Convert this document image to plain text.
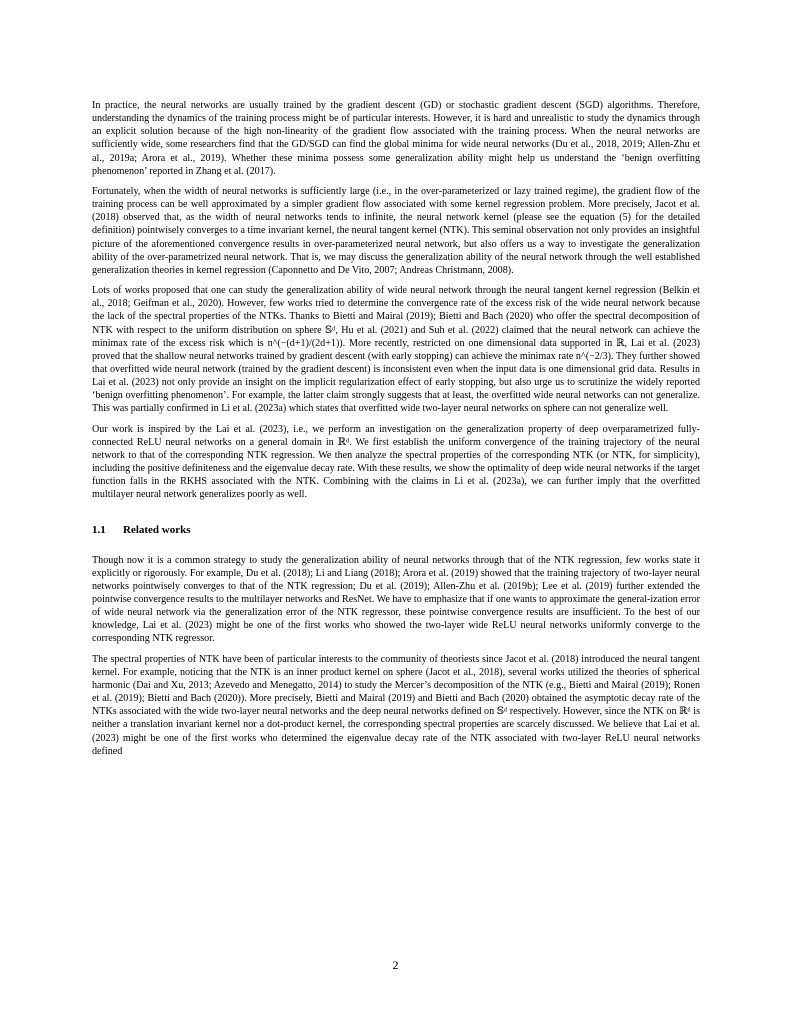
In practice, the neural networks are usually trained by the gradient descent (GD) or stochastic gradient descent (SGD) algorithms. Therefore, understanding the dynamics of the training process might be of particular interests. However, it is hard and unrealistic to study the dynamics through an explicit solution because of the high non-linearity of the gradient flow associated with the training process. When the neural networks are sufficiently wide, some researchers find that the GD/SGD can find the global minima for wide neural networks (Du et al., 2018, 2019; Allen-Zhu et al., 2019a; Arora et al., 2019). Whether these minima possess some generalization ability might help us understand the ‘benign overfitting phenomenon’ reported in Zhang et al. (2017).

Fortunately, when the width of neural networks is sufficiently large (i.e., in the over-parameterized or lazy trained regime), the gradient flow of the training process can be well approximated by a simpler gradient flow associated with some kernel regression problem. More precisely, Jacot et al. (2018) observed that, as the width of neural networks tends to infinite, the neural network kernel (please see the equation (5) for the detailed definition) pointwisely converges to a time invariant kernel, the neural tangent kernel (NTK). This seminal observation not only provides an insightful picture of the aforementioned convergence results in over-parameterized neural network, but also offers us a way to investigate the generalization ability of the over-parametrized neural network. That is, we may discuss the generalization ability of the neural network through the well established generalization theories in kernel regression (Caponnetto and De Vito, 2007; Andreas Christmann, 2008).

Lots of works proposed that one can study the generalization ability of wide neural network through the neural tangent kernel regression (Belkin et al., 2018; Geifman et al., 2020). However, few works tried to determine the convergence rate of the excess risk of the wide neural network because the lack of the spectral properties of the NTKs. Thanks to Bietti and Mairal (2019); Bietti and Bach (2020) who offer the spectral decomposition of NTK with respect to the uniform distribution on sphere 𝕊ᵈ, Hu et al. (2021) and Suh et al. (2022) claimed that the neural network can achieve the minimax rate of the excess risk which is n^(−(d+1)/(2d+1)). More recently, restricted on one dimensional data supported in ℝ, Lai et al. (2023) proved that the shallow neural networks trained by gradient descent (with early stopping) can achieve the minimax rate n^(−2/3). They further showed that overfitted wide neural network (trained by the gradient descent) is inconsistent even when the input data is one dimensional grid data. Results in Lai et al. (2023) not only provide an insight on the implicit regularization effect of early stopping, but also urge us to scrutinize the widely reported ‘benign overfitting phenomenon’. For example, the latter claim strongly suggests that at least, the overfitted wide neural networks can not generalize. This was partially confirmed in Li et al. (2023a) which states that overfitted wide two-layer neural networks on sphere can not generalize well.

Our work is inspired by the Lai et al. (2023), i.e., we perform an investigation on the generalization property of deep overparametrized fully-connected ReLU neural networks on a general domain in ℝᵈ. We first establish the uniform convergence of the training trajectory of the neural network to that of the corresponding NTK regression. We then analyze the spectral properties of the corresponding NTK (or NTK, for simplicity), including the positive definiteness and the eigenvalue decay rate. With these results, we show the optimality of deep wide neural networks if the target function falls in the RKHS associated with the NTK. Combining with the claims in Li et al. (2023a), we can further imply that the overfitted multilayer neural network generalizes poorly as well.

1.1 Related works

Though now it is a common strategy to study the generalization ability of neural networks through that of the NTK regression, few works state it explicitly or rigorously. For example, Du et al. (2018); Li and Liang (2018); Arora et al. (2019) showed that the training trajectory of two-layer neural networks pointwisely converges to that of the NTK regression; Du et al. (2019); Allen-Zhu et al. (2019b); Lee et al. (2019) further extended the pointwise convergence results to the multilayer networks and ResNet. We have to emphasize that if one wants to approximate the general-ization error of wide neural network via the generalization error of the NTK regressor, these pointwise convergence results are insufficient. To the best of our knowledge, Lai et al. (2023) might be one of the first works who showed the two-layer wide ReLU neural networks uniformly converge to the corresponding NTK regressor.

The spectral properties of NTK have been of particular interests to the community of theoriests since Jacot et al. (2018) introduced the neural tangent kernel. For example, noticing that the NTK is an inner product kernel on sphere (Jacot et al., 2018), several works utilized the theories of spherical harmonic (Dai and Xu, 2013; Azevedo and Menegatto, 2014) to study the Mercer’s decomposition of the NTK (e.g., Bietti and Mairal (2019); Ronen et al. (2019); Bietti and Bach (2020)). More precisely, Bietti and Mairal (2019) and Bietti and Bach (2020) obtained the asymptotic decay rate of the NTKs associated with the wide two-layer neural networks and the deep neural networks defined on 𝕊ᵈ respectively. However, since the NTK on ℝᵈ is neither a translation invariant kernel nor a dot-product kernel, the corresponding spectral properties are scarcely discussed. We believe that Lai et al. (2023) might be one of the first works who determined the eigenvalue decay rate of the NTK associated with two-layer ReLU neural networks defined

2
